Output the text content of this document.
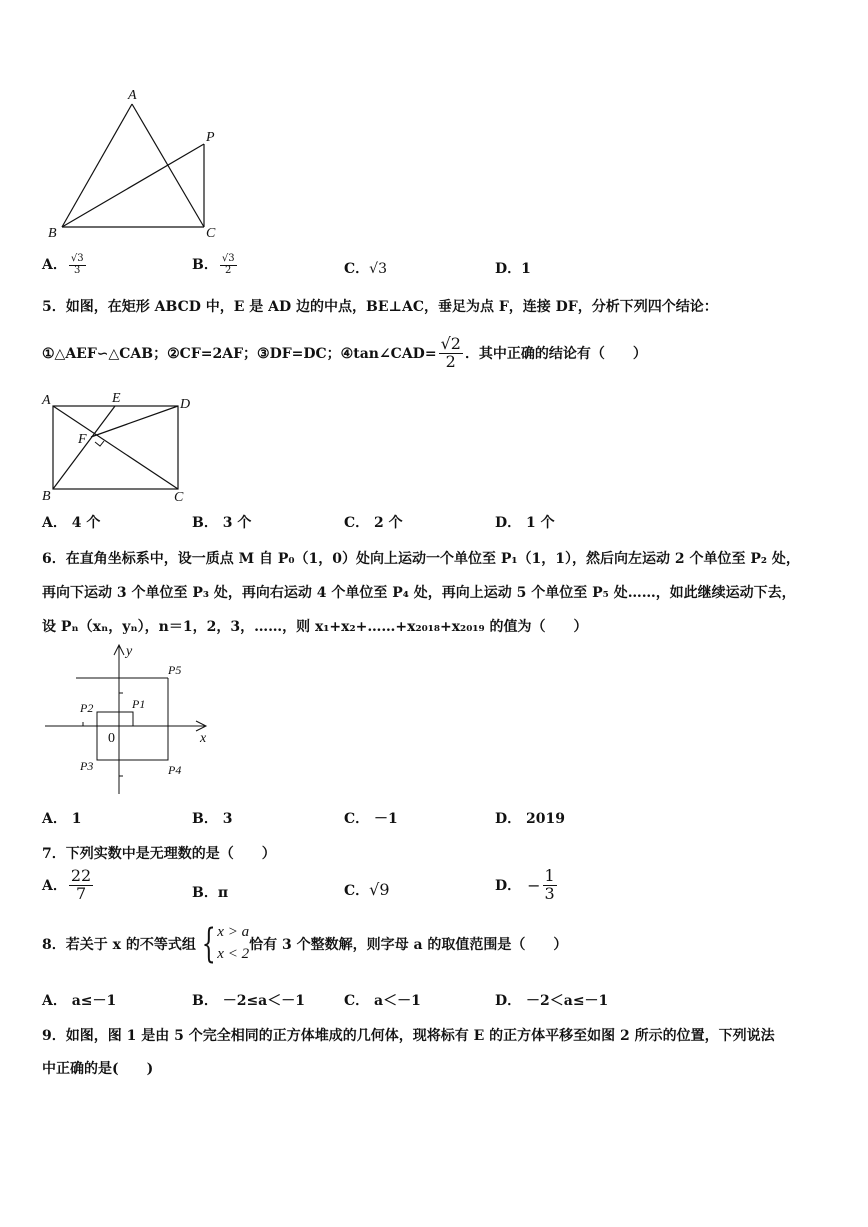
A
P
B	C
A． $\frac{√3}{3}$	B． $\frac{√3}{2}$	C．√3	D．1
5．如图，在矩形 ABCD 中，E 是 AD 边的中点，BE⊥AC，垂足为点 F，连接 DF，分析下列四个结论：
①△AEF∽△CAB；②CF=2AF；③DF=DC；④tan∠CAD= $\frac{√2}{2}$ ．其中正确的结论有（　　）
A	E	D
F
B	C
A． 4 个	B． 3 个	C． 2 个	D． 1 个
6．在直角坐标系中，设一质点 M 自 P₀（1，0）处向上运动一个单位至 P₁（1，1），然后向左运动 2 个单位至 P₂ 处，
再向下运动 3 个单位至 P₃ 处，再向右运动 4 个单位至 P₄ 处，再向上运动 5 个单位至 P₅ 处……，如此继续运动下去，
设 Pₙ（xₙ，yₙ），n＝1，2，3，……，则 x₁+x₂+……+x₂₀₁₈+x₂₀₁₉ 的值为（　　）
y
x
0
P1
P2
P3	P4
P5
A． 1	B． 3	C． －1	D． 2019
7．下列实数中是无理数的是（　　）
A． $\frac{22}{7}$	B．π	C．√9	D． − $\frac{1}{3}$
8．若关于 x 的不等式组 { x > a
x < 2
恰有 3 个整数解，则字母 a 的取值范围是（　　）
A． a≤－1	B． －2≤a＜－1	C． a＜－1	D． －2＜a≤－1
9．如图，图 1 是由 5 个完全相同的正方体堆成的几何体，现将标有 E 的正方体平移至如图 2 所示的位置，下列说法
中正确的是(　　)
